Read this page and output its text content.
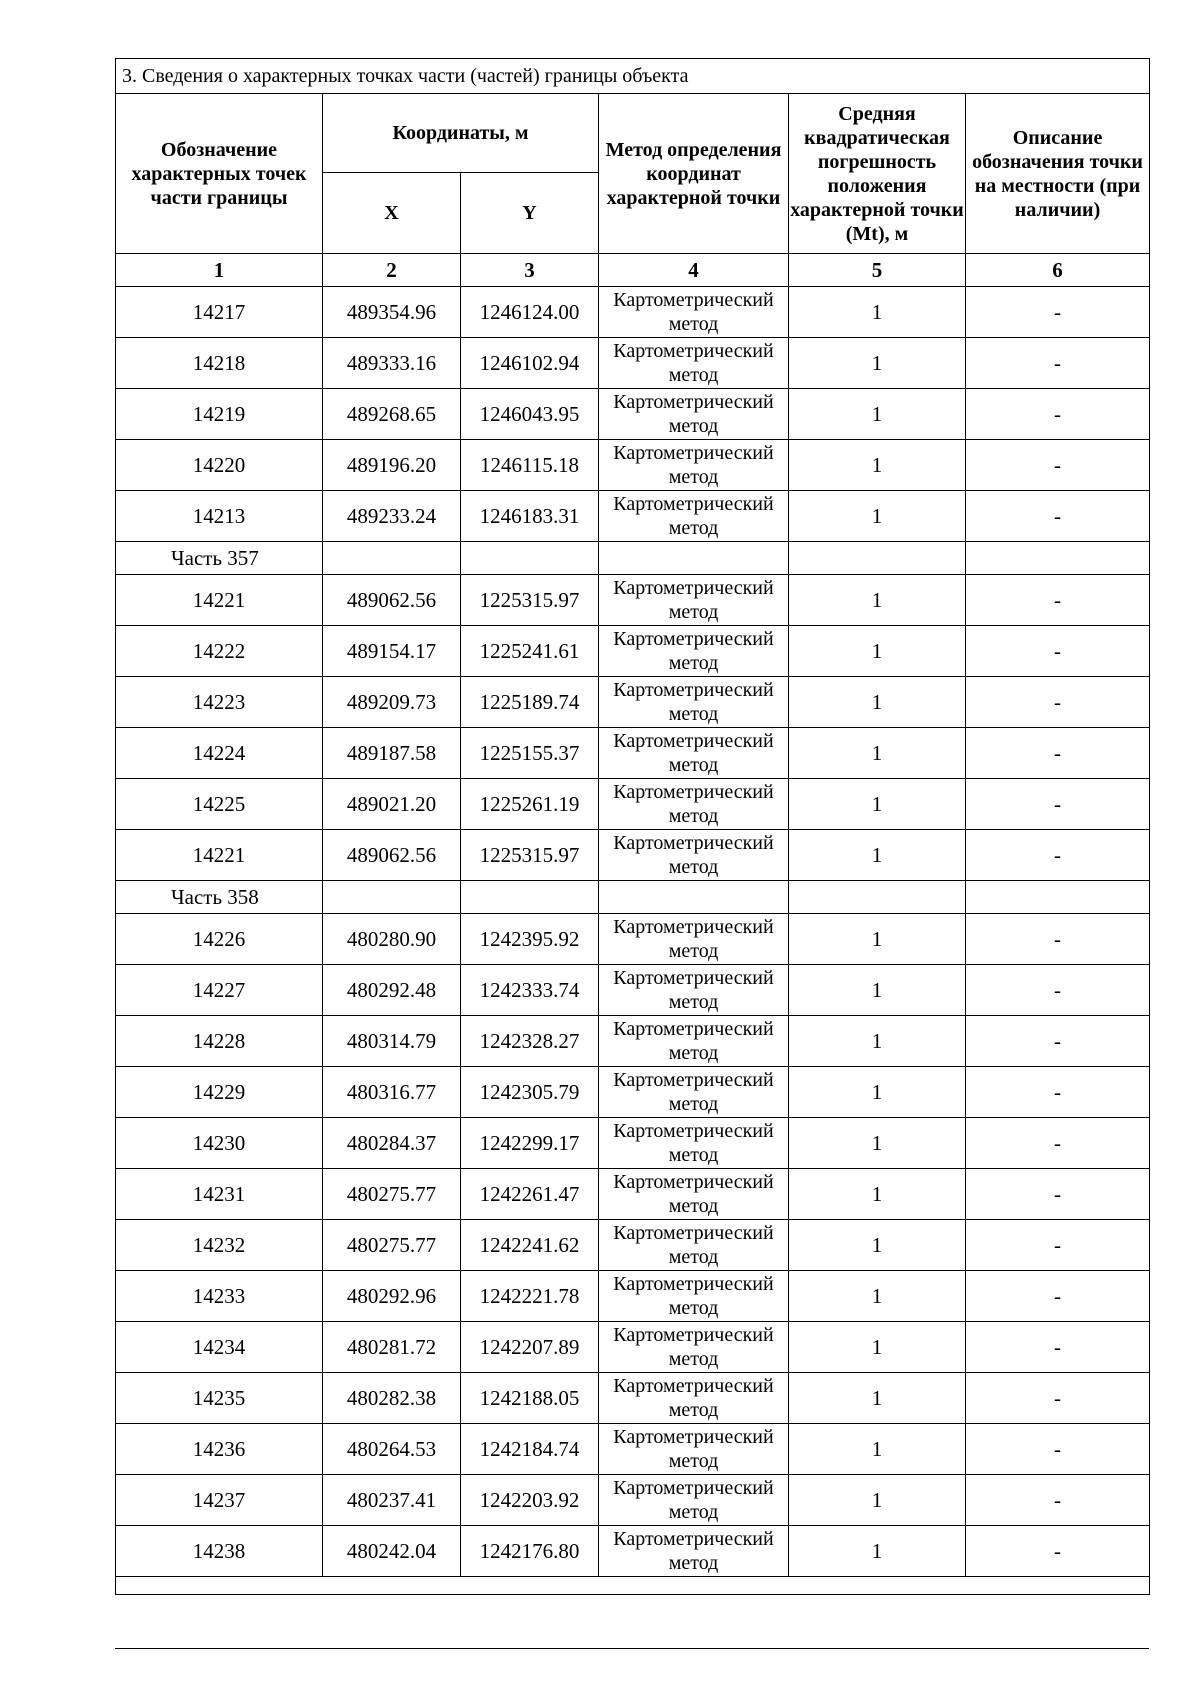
3. Сведения о характерных точках части (частей) границы объекта					
Обозначение характерных точек части границы	Координаты, м		Метод определения координат характерной точки	Средняя квадратическая погрешность положения характерной точки (Mt), м	Описание обозначения точки на местности (при наличии)
	X	Y			
1	2	3	4	5	6
14217	489354.96	1246124.00	Картометрический метод	1	-
14218	489333.16	1246102.94	Картометрический метод	1	-
14219	489268.65	1246043.95	Картометрический метод	1	-
14220	489196.20	1246115.18	Картометрический метод	1	-
14213	489233.24	1246183.31	Картометрический метод	1	-
Часть 357					
14221	489062.56	1225315.97	Картометрический метод	1	-
14222	489154.17	1225241.61	Картометрический метод	1	-
14223	489209.73	1225189.74	Картометрический метод	1	-
14224	489187.58	1225155.37	Картометрический метод	1	-
14225	489021.20	1225261.19	Картометрический метод	1	-
14221	489062.56	1225315.97	Картометрический метод	1	-
Часть 358					
14226	480280.90	1242395.92	Картометрический метод	1	-
14227	480292.48	1242333.74	Картометрический метод	1	-
14228	480314.79	1242328.27	Картометрический метод	1	-
14229	480316.77	1242305.79	Картометрический метод	1	-
14230	480284.37	1242299.17	Картометрический метод	1	-
14231	480275.77	1242261.47	Картометрический метод	1	-
14232	480275.77	1242241.62	Картометрический метод	1	-
14233	480292.96	1242221.78	Картометрический метод	1	-
14234	480281.72	1242207.89	Картометрический метод	1	-
14235	480282.38	1242188.05	Картометрический метод	1	-
14236	480264.53	1242184.74	Картометрический метод	1	-
14237	480237.41	1242203.92	Картометрический метод	1	-
14238	480242.04	1242176.80	Картометрический метод	1	-
